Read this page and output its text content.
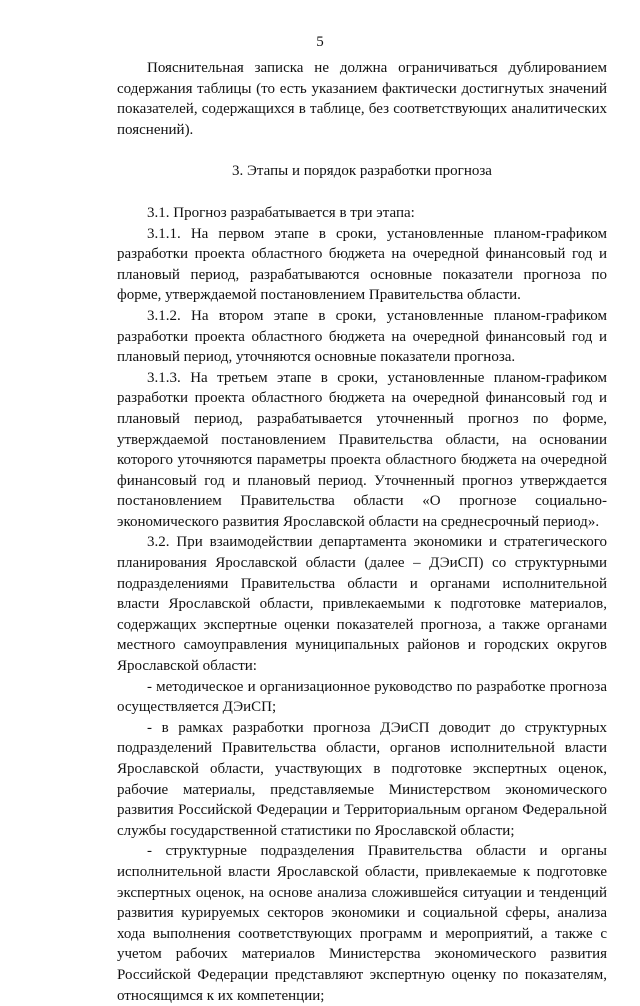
5

Пояснительная записка не должна ограничиваться дублированием содержания таблицы (то есть указанием фактически достигнутых значений показателей, содержащихся в таблице, без соответствующих аналитических пояснений).

3. Этапы и порядок разработки прогноза

3.1. Прогноз разрабатывается в три этапа:

3.1.1. На первом этапе в сроки, установленные планом-графиком разработки проекта областного бюджета на очередной финансовый год и плановый период, разрабатываются основные показатели прогноза по форме, утверждаемой постановлением Правительства области.

3.1.2. На втором этапе в сроки, установленные планом-графиком разработки проекта областного бюджета на очередной финансовый год и плановый период, уточняются основные показатели прогноза.

3.1.3. На третьем этапе в сроки, установленные планом-графиком разработки проекта областного бюджета на очередной финансовый год и плановый период, разрабатывается уточненный прогноз по форме, утверждаемой постановлением Правительства области, на основании которого уточняются параметры проекта областного бюджета на очередной финансовый год и плановый период. Уточненный прогноз утверждается постановлением Правительства области «О прогнозе социально-экономического развития Ярославской области на среднесрочный период».

3.2. При взаимодействии департамента экономики и стратегического планирования Ярославской области (далее – ДЭиСП) со структурными подразделениями Правительства области и органами исполнительной власти Ярославской области, привлекаемыми к подготовке материалов, содержащих экспертные оценки показателей прогноза, а также органами местного самоуправления муниципальных районов и городских округов Ярославской области:

- методическое и организационное руководство по разработке прогноза осуществляется ДЭиСП;

- в рамках разработки прогноза ДЭиСП доводит до структурных подразделений Правительства области, органов исполнительной власти Ярославской области, участвующих в подготовке экспертных оценок, рабочие материалы, представляемые Министерством экономического развития Российской Федерации и Территориальным органом Федеральной службы государственной статистики по Ярославской области;

- структурные подразделения Правительства области и органы исполнительной власти Ярославской области, привлекаемые к подготовке экспертных оценок, на основе анализа сложившейся ситуации и тенденций развития курируемых секторов экономики и социальной сферы, анализа хода выполнения соответствующих программ и мероприятий, а также с учетом рабочих материалов Министерства экономического развития Российской Федерации представляют экспертную оценку по показателям, относящимся к их компетенции;
